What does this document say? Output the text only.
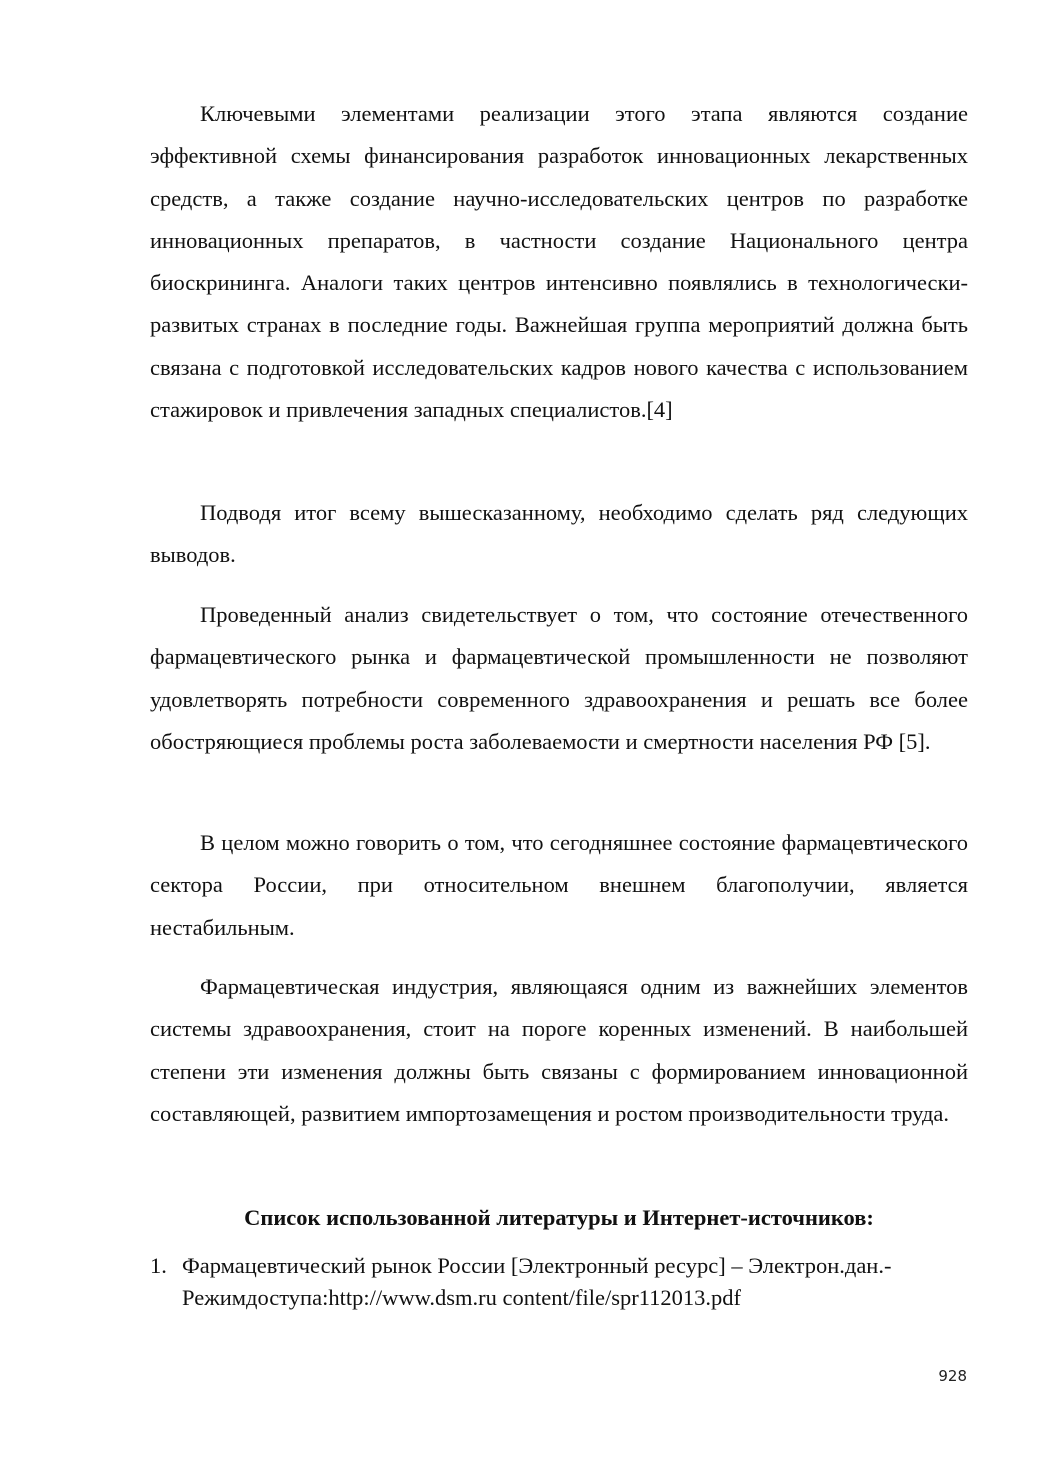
Ключевыми элементами реализации этого этапа являются создание эффективной схемы финансирования разработок инновационных лекарственных средств, а также создание научно-исследовательских центров по разработке инновационных препаратов, в частности создание Национального центра биоскрининга. Аналоги таких центров интенсивно появлялись в технологически-развитых странах в последние годы. Важнейшая группа мероприятий должна быть связана с подготовкой исследовательских кадров нового качества с использованием стажировок и привлечения западных специалистов.[4]

Подводя итог всему вышесказанному, необходимо сделать ряд следующих выводов.

Проведенный анализ свидетельствует о том, что состояние отечественного фармацевтического рынка и фармацевтической промышленности не позволяют удовлетворять потребности современного здравоохранения и решать все более обостряющиеся проблемы роста заболеваемости и смертности населения РФ [5].

В целом можно говорить о том, что сегодняшнее состояние фармацевтического сектора России, при относительном внешнем благополучии, является нестабильным.

Фармацевтическая индустрия, являющаяся одним из важнейших элементов системы здравоохранения, стоит на пороге коренных изменений. В наибольшей степени эти изменения должны быть связаны с формированием инновационной составляющей, развитием импортозамещения и ростом производительности труда.

Список использованной литературы и Интернет-источников:
1. Фармацевтический рынок России [Электронный ресурс] – Электрон.дан.- Режимдоступа:http://www.dsm.ru content/file/spr112013.pdf
928
